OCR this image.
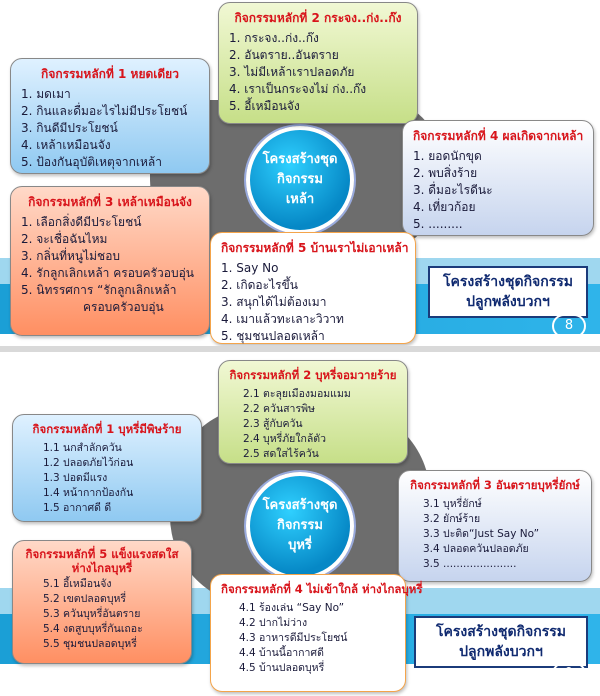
โครงสร้างชุด
กิจกรรม
เหล้า
กิจกรรมหลักที่ 2 กระจง..ก่ง..ก๊ง
1. กระจง..ก่ง..ก๊ง
2. อันตราย..อันตราย
3. ไม่มีเหล้าเราปลอดภัย
4. เราเป็นกระจงไม่ ก่ง..ก๊ง
5. อี้เหมือนจัง
กิจกรรมหลักที่ 1 หยดเดียว
1. มดเมา
2. กินและดื่มอะไรไม่มีประโยชน์
3. กินดีมีประโยชน์
4. เหล้าเหมือนจัง
5. ป้องกันอุบัติเหตุจากเหล้า
กิจกรรมหลักที่ 4 ผลเกิดจากเหล้า
1. ยอดนักขุด
2. พบสิ่งร้าย
3. ดื่มอะไรดีนะ
4. เที่ยวก้อย
5. .........
กิจกรรมหลักที่ 3 เหล้าเหมือนจัง
1. เลือกสิ่งดีมีประโยชน์
2. จะเชื่อฉันไหม
3. กลิ่นที่หนูไม่ชอบ
4. รักลูกเลิกเหล้า ครอบครัวอบอุ่น
5. นิทรรศการ “รักลูกเลิกเหล้า
ครอบครัวอบอุ่น
กิจกรรมหลักที่ 5 บ้านเราไม่เอาเหล้า
1. Say No
2. เกิดอะไรขึ้น
3. สนุกได้ไม่ต้องเมา
4. เมาแล้วทะเลาะวิวาท
5. ชุมชนปลอดเหล้า
โครงสร้างชุดกิจกรรม
ปลูกพลังบวกฯ
8
โครงสร้างชุด
กิจกรรม
บุหรี่
กิจกรรมหลักที่ 2 บุหรี่จอมวายร้าย
2.1 ตะลุยเมืองมอมแมม
2.2 ควันสารพิษ
2.3 สู้กับควัน
2.4 บุหรี่ภัยใกล้ตัว
2.5 สดใสไร้ควัน
กิจกรรมหลักที่ 1 บุหรี่มีพิษร้าย
1.1 นกสำลักควัน
1.2 ปลอดภัยไว้ก่อน
1.3 ปอดมีแรง
1.4 หน้ากากป้องกัน
1.5 อากาศดี ดี
กิจกรรมหลักที่ 3 อันตรายบุหรี่ยักษ์
3.1 บุหรี่ยักษ์
3.2 ยักษ์ร้าย
3.3 ปะติด“Just Say No”
3.4 ปลอดควันปลอดภัย
3.5 ......................
กิจกรรมหลักที่ 5 แข็งแรงสดใส ห่างไกลบุหรี่
5.1 อี้เหมือนจัง
5.2 เขตปลอดบุหรี่
5.3 ควันบุหรี่อันตราย
5.4 งดสูบบุหรี่กันเถอะ
5.5 ชุมชนปลอดบุหรี่
กิจกรรมหลักที่ 4 ไม่เข้าใกล้ ห่างไกลบุหรี่
4.1 ร้องเล่น “Say No”
4.2 ปากไม่ว่าง
4.3 อาหารดีมีประโยชน์
4.4 บ้านนี้อากาศดี
4.5 บ้านปลอดบุหรี่
โครงสร้างชุดกิจกรรม
ปลูกพลังบวกฯ
9
